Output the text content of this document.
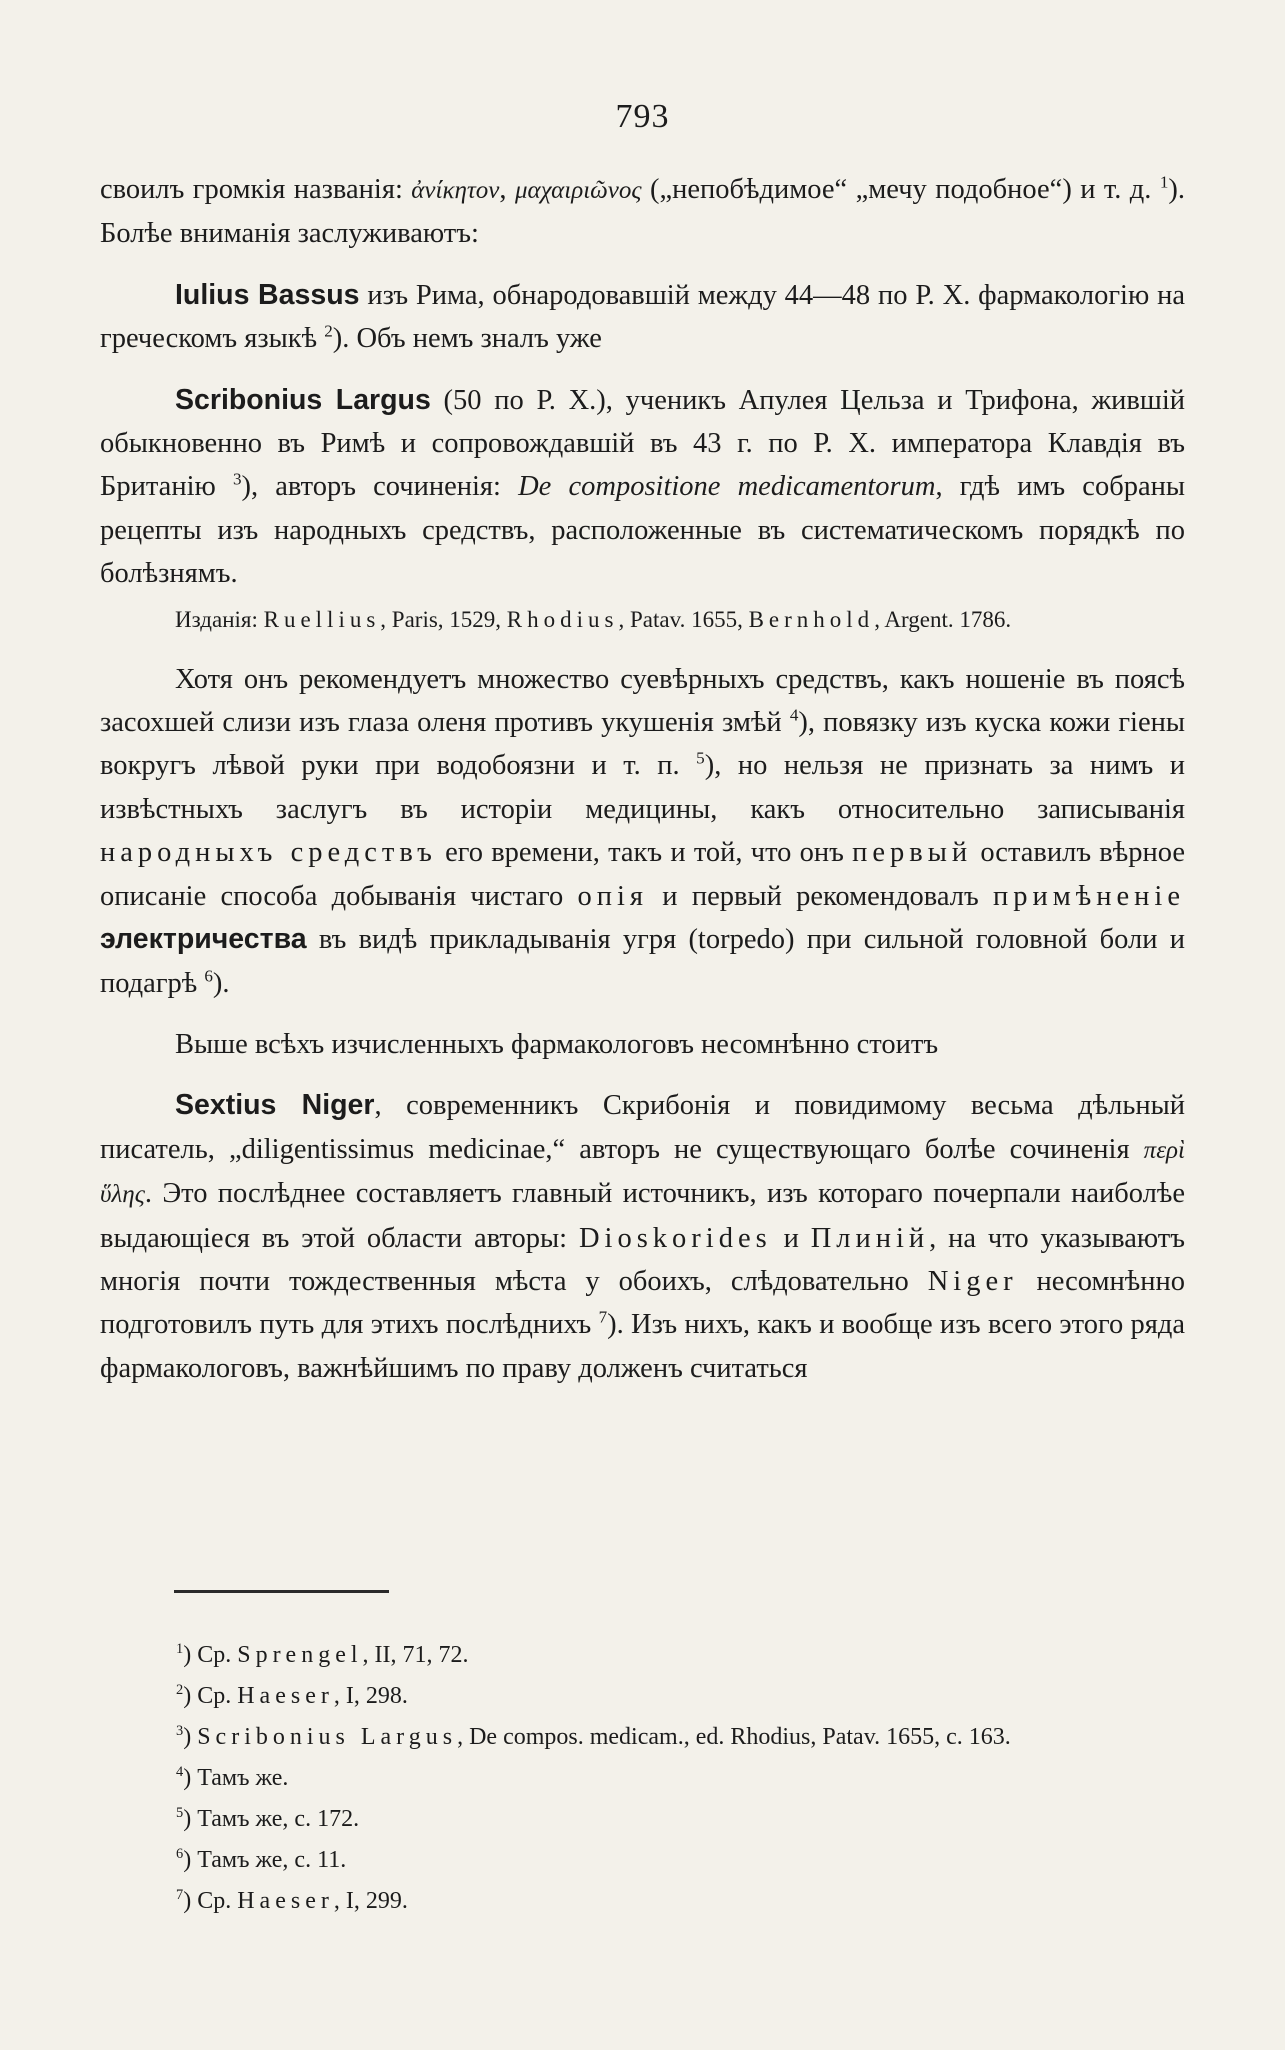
793

своилъ громкiя названiя: ἀνίκητον, μαχαιριῶνος („непобѣдимое“ „мечу подобное“) и т. д. $^1$). Болѣе вниманiя заслуживаютъ:

Iulius Bassus изъ Рима, обнародовавшiй между 44—48 по Р. X. фармакологiю на греческомъ языкѣ $^2$). Объ немъ зналъ уже

Scribonius Largus (50 по Р. X.), ученикъ Апулея Цельза и Трифона, жившiй обыкновенно въ Римѣ и сопровождавшiй въ 43 г. по Р. X. императора Клавдiя въ Британiю $^3$), авторъ сочиненiя: De compositione medicamentorum, гдѣ имъ собраны рецепты изъ народныхъ средствъ, расположенные въ систематическомъ порядкѣ по болѣзнямъ.

Изданiя: Ruellius, Paris, 1529, Rhodius, Patav. 1655, Bernhold, Argent. 1786.

Хотя онъ рекомендуетъ множество суевѣрныхъ средствъ, какъ ношенiе въ поясѣ засохшей слизи изъ глаза оленя противъ укушенiя змѣй $^4$), повязку изъ куска кожи гiены вокругъ лѣвой руки при водобоязни и т. п. $^5$), но нельзя не признать за нимъ и извѣстныхъ заслугъ въ исторiи медицины, какъ относительно записыванiя народныхъ средствъ его времени, такъ и той, что онъ первый оставилъ вѣрное описанiе способа добыванiя чистаго опiя и первый рекомендовалъ примѣненiе электричества въ видѣ прикладыванiя угря (torpedo) при сильной головной боли и подагрѣ $^6$).

Выше всѣхъ изчисленныхъ фармакологовъ несомнѣнно стоитъ

Sextius Niger, современникъ Скрибонiя и повидимому весьма дѣльный писатель, „diligentissimus medicinae,“ авторъ не существующаго болѣе сочиненiя περὶ ὕλης. Это послѣднее составляетъ главный источникъ, изъ котораго почерпали наиболѣе выдающiеся въ этой области авторы: Dioskorides и Плинiй, на что указываютъ многiя почти тождественныя мѣста у обоихъ, слѣдовательно Niger несомнѣнно подготовилъ путь для этихъ послѣднихъ $^7$). Изъ нихъ, какъ и вообще изъ всего этого ряда фармакологовъ, важнѣйшимъ по праву долженъ считаться

$^1$) Ср. Sprengel, II, 71, 72.
$^2$) Ср. Haeser, I, 298.
$^3$) Scribonius Largus, De compos. medicam., ed. Rhodius, Patav. 1655, c. 163.
$^4$) Тамъ же.
$^5$) Тамъ же, с. 172.
$^6$) Тамъ же, с. 11.
$^7$) Ср. Haeser, I, 299.
